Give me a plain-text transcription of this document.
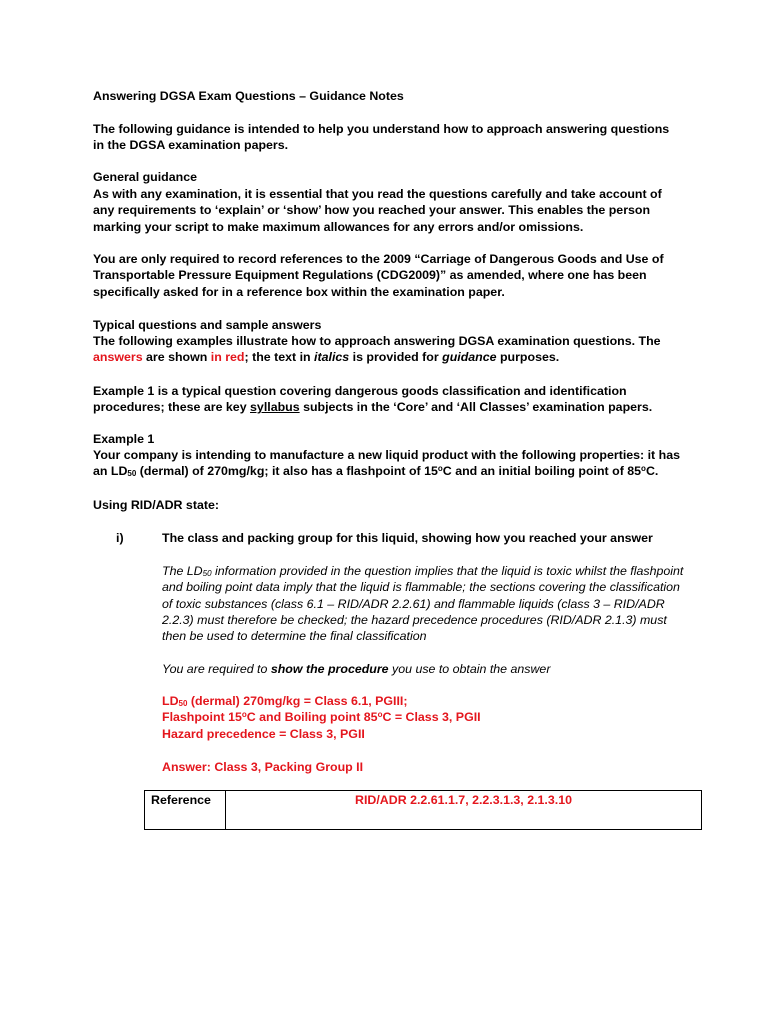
Answering DGSA Exam Questions – Guidance Notes

The following guidance is intended to help you understand how to approach answering questions in the DGSA examination papers.

General guidance

As with any examination, it is essential that you read the questions carefully and take account of any requirements to ‘explain’ or ‘show’ how you reached your answer. This enables the person marking your script to make maximum allowances for any errors and/or omissions.

You are only required to record references to the 2009 “Carriage of Dangerous Goods and Use of Transportable Pressure Equipment Regulations (CDG2009)” as amended, where one has been specifically asked for in a reference box within the examination paper.

Typical questions and sample answers

The following examples illustrate how to approach answering DGSA examination questions. The
answers are shown in red; the text in italics is provided for guidance purposes.

Example 1 is a typical question covering dangerous goods classification and identification procedures; these are key syllabus subjects in the ‘Core’ and ‘All Classes’ examination papers.

Example 1

Your company is intending to manufacture a new liquid product with the following properties: it has an $LD_{50}$ (dermal) of 270mg/kg; it also has a flashpoint of 15$^o$C and an initial boiling point of 85$^o$C.

Using RID/ADR state:

i)	The class and packing group for this liquid, showing how you reached your answer

The $LD_{50}$ information provided in the question implies that the liquid is toxic whilst the flashpoint and boiling point data imply that the liquid is flammable; the sections covering the classification of toxic substances (class 6.1 – RID/ADR 2.2.61) and flammable liquids (class 3 – RID/ADR 2.2.3) must therefore be checked; the hazard precedence procedures (RID/ADR 2.1.3) must then be used to determine the final classification

You are required to show the procedure you use to obtain the answer

$LD_{50}$ (dermal) 270mg/kg = Class 6.1, PGIII;
Flashpoint 15$^o$C and Boiling point $85^oC$ = Class 3, PGII
Hazard precedence = Class 3, PGII

Answer: Class 3, Packing Group II

Reference	RID/ADR 2.2.61.1.7, 2.2.3.1.3, 2.1.3.10
